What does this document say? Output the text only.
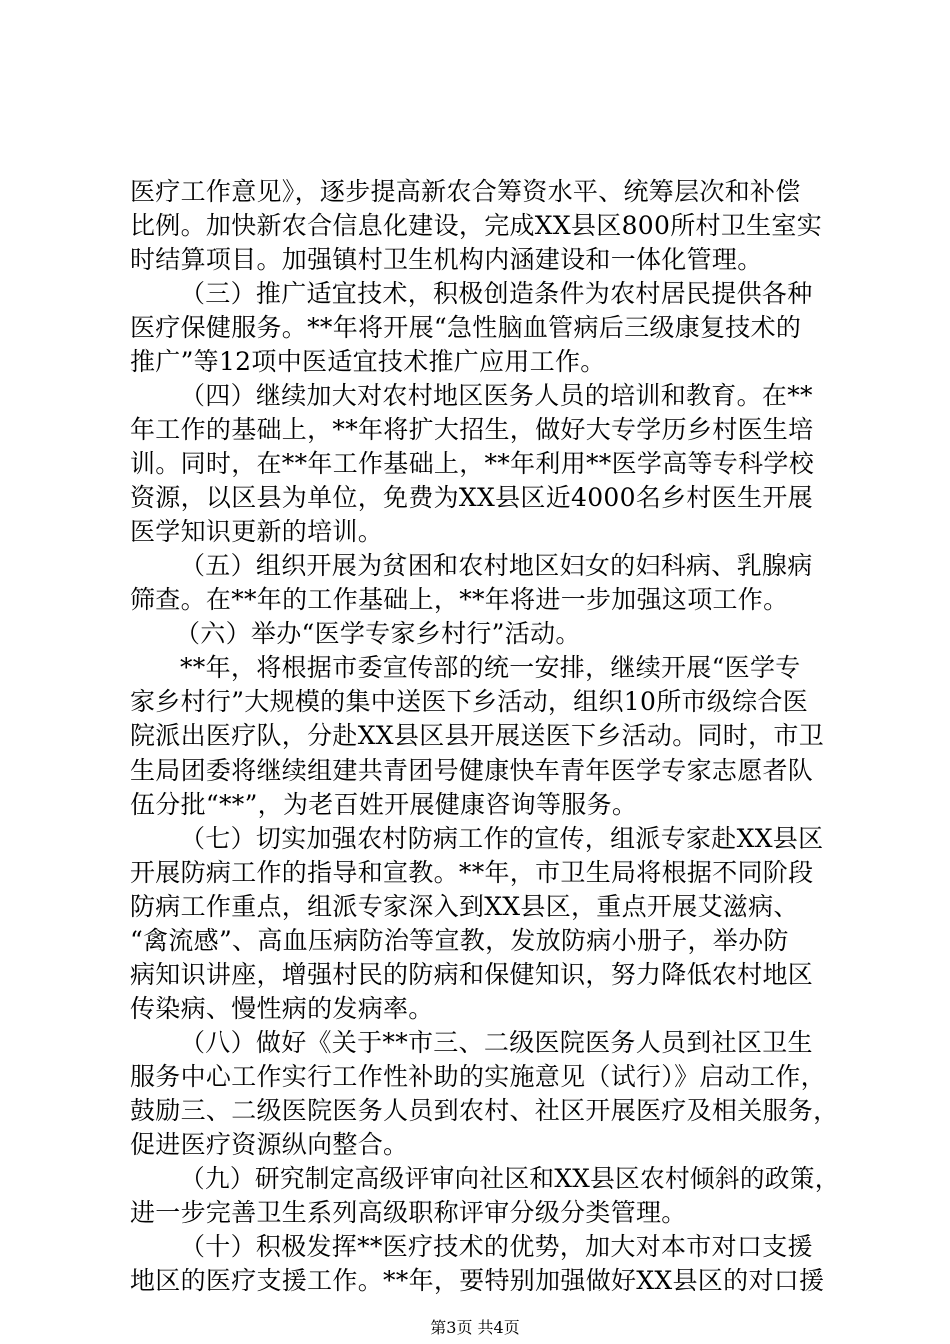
医疗工作意见》，逐步提高新农合筹资水平、统筹层次和补偿
比例。加快新农合信息化建设，完成XX县区800所村卫生室实
时结算项目。加强镇村卫生机构内涵建设和一体化管理。
（三）推广适宜技术，积极创造条件为农村居民提供各种
医疗保健服务。**年将开展“急性脑血管病后三级康复技术的
推广”等12项中医适宜技术推广应用工作。
（四）继续加大对农村地区医务人员的培训和教育。在**
年工作的基础上，**年将扩大招生，做好大专学历乡村医生培
训。同时，在**年工作基础上，**年利用**医学高等专科学校
资源，以区县为单位，免费为XX县区近4000名乡村医生开展
医学知识更新的培训。
（五）组织开展为贫困和农村地区妇女的妇科病、乳腺病
筛查。在**年的工作基础上，**年将进一步加强这项工作。
（六）举办“医学专家乡村行”活动。
**年，将根据市委宣传部的统一安排，继续开展“医学专
家乡村行”大规模的集中送医下乡活动，组织10所市级综合医
院派出医疗队，分赴XX县区县开展送医下乡活动。同时，市卫
生局团委将继续组建共青团号健康快车青年医学专家志愿者队
伍分批“**”，为老百姓开展健康咨询等服务。
（七）切实加强农村防病工作的宣传，组派专家赴XX县区
开展防病工作的指导和宣教。**年，市卫生局将根据不同阶段
防病工作重点，组派专家深入到XX县区，重点开展艾滋病、
“禽流感”、高血压病防治等宣教，发放防病小册子，举办防
病知识讲座，增强村民的防病和保健知识，努力降低农村地区
传染病、慢性病的发病率。
（八）做好《关于**市三、二级医院医务人员到社区卫生
服务中心工作实行工作性补助的实施意见（试行）》启动工作，
鼓励三、二级医院医务人员到农村、社区开展医疗及相关服务，
促进医疗资源纵向整合。
（九）研究制定高级评审向社区和XX县区农村倾斜的政策，
进一步完善卫生系列高级职称评审分级分类管理。
第3页 共4页
（十）积极发挥**医疗技术的优势，加大对本市对口支援
地区的医疗支援工作。**年，要特别加强做好XX县区的对口援
